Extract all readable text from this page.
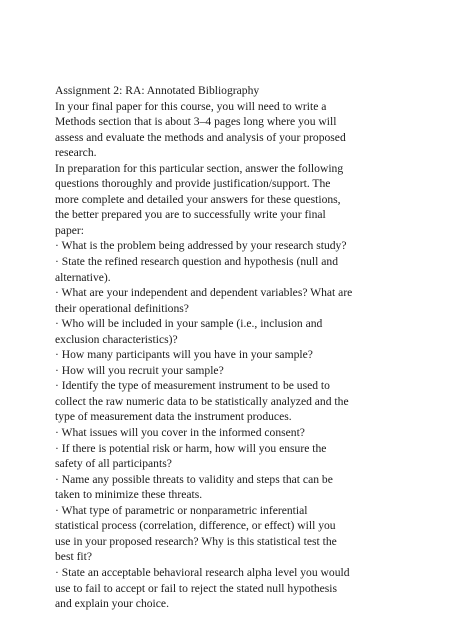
Assignment 2: RA: Annotated Bibliography

In your final paper for this course, you will need to write a

Methods section that is about 3–4 pages long where you will

assess and evaluate the methods and analysis of your proposed

research.

In preparation for this particular section, answer the following

questions thoroughly and provide justification/support. The

more complete and detailed your answers for these questions,

the better prepared you are to successfully write your final

paper:

· What is the problem being addressed by your research study?

· State the refined research question and hypothesis (null and

alternative).

· What are your independent and dependent variables? What are

their operational definitions?

· Who will be included in your sample (i.e., inclusion and

exclusion characteristics)?

· How many participants will you have in your sample?

· How will you recruit your sample?

· Identify the type of measurement instrument to be used to

collect the raw numeric data to be statistically analyzed and the

type of measurement data the instrument produces.

· What issues will you cover in the informed consent?

· If there is potential risk or harm, how will you ensure the

safety of all participants?

· Name any possible threats to validity and steps that can be

taken to minimize these threats.

· What type of parametric or nonparametric inferential

statistical process (correlation, difference, or effect) will you

use in your proposed research? Why is this statistical test the

best fit?

· State an acceptable behavioral research alpha level you would

use to fail to accept or fail to reject the stated null hypothesis

and explain your choice.
